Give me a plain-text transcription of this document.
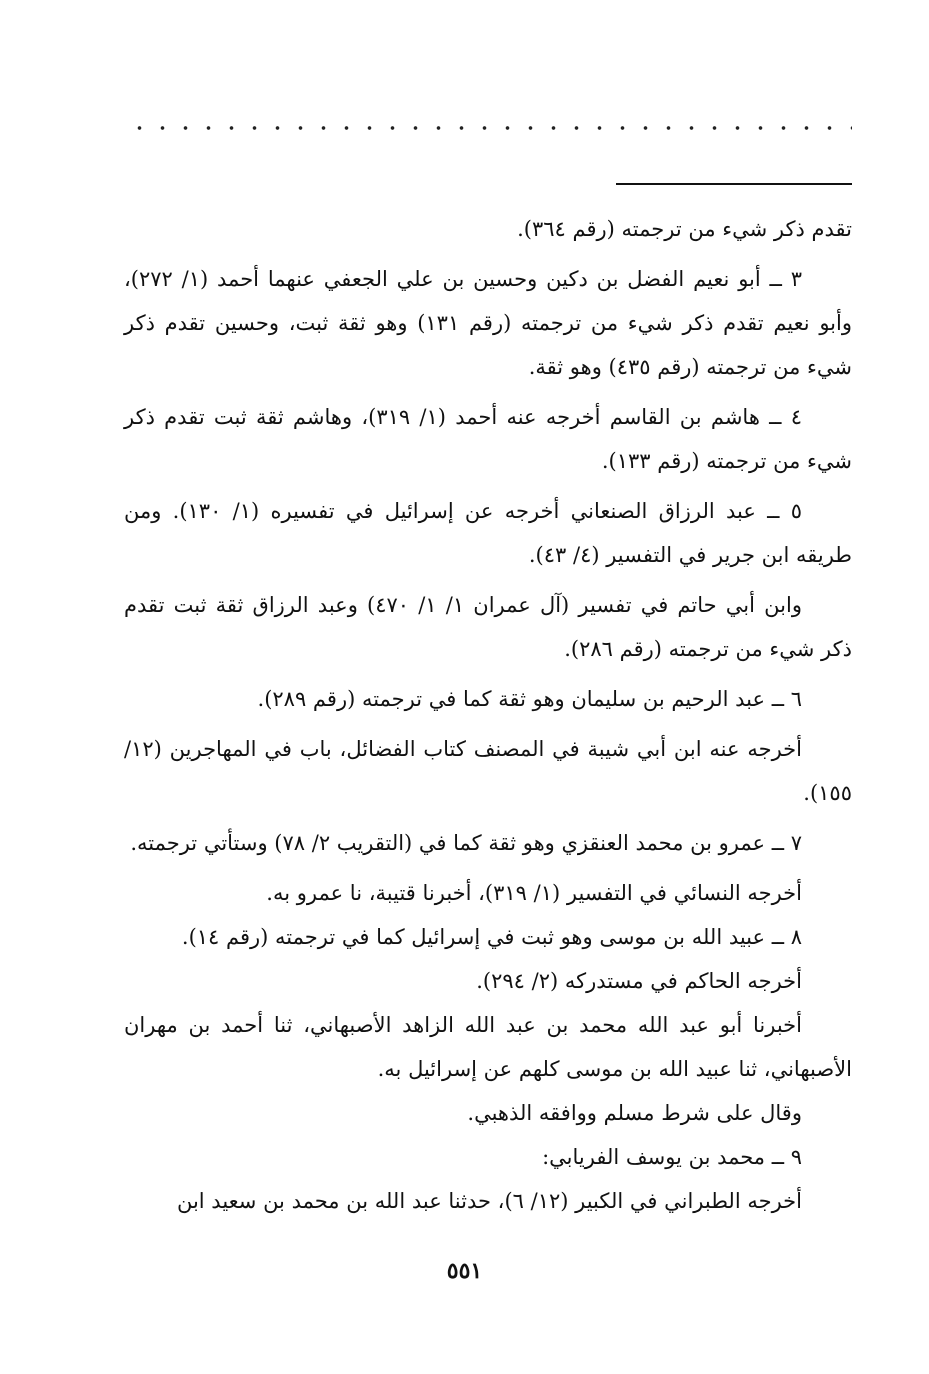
تقدم ذكر شيء من ترجمته (رقم ٣٦٤).

٣ ــ أبو نعيم الفضل بن دكين وحسين بن علي الجعفي عنهما أحمد (١/ ٢٧٢)، وأبو نعيم تقدم ذكر شيء من ترجمته (رقم ١٣١) وهو ثقة ثبت، وحسين تقدم ذكر شيء من ترجمته (رقم ٤٣٥) وهو ثقة.

٤ ــ هاشم بن القاسم أخرجه عنه أحمد (١/ ٣١٩)، وهاشم ثقة ثبت تقدم ذكر شيء من ترجمته (رقم ١٣٣).

٥ ــ عبد الرزاق الصنعاني أخرجه عن إسرائيل في تفسيره (١/ ١٣٠). ومن طريقه ابن جرير في التفسير (٤/ ٤٣).

وابن أبي حاتم في تفسير (آل عمران ١/ ١/ ٤٧٠) وعبد الرزاق ثقة ثبت تقدم ذكر شيء من ترجمته (رقم ٢٨٦).

٦ ــ عبد الرحيم بن سليمان وهو ثقة كما في ترجمته (رقم ٢٨٩).

أخرجه عنه ابن أبي شيبة في المصنف كتاب الفضائل، باب في المهاجرين (١٢/ ١٥٥).

٧ ــ عمرو بن محمد العنقزي وهو ثقة كما في (التقريب ٢/ ٧٨) وستأتي ترجمته.

أخرجه النسائي في التفسير (١/ ٣١٩)، أخبرنا قتيبة، نا عمرو به.

٨ ــ عبيد الله بن موسى وهو ثبت في إسرائيل كما في ترجمته (رقم ١٤).

أخرجه الحاكم في مستدركه (٢/ ٢٩٤).

أخبرنا أبو عبد الله محمد بن عبد الله الزاهد الأصبهاني، ثنا أحمد بن مهران الأصبهاني، ثنا عبيد الله بن موسى كلهم عن إسرائيل به.

وقال على شرط مسلم ووافقه الذهبي.

٩ ــ محمد بن يوسف الفريابي:

أخرجه الطبراني في الكبير (١٢/ ٦)، حدثنا عبد الله بن محمد بن سعيد ابن

٥٥١
